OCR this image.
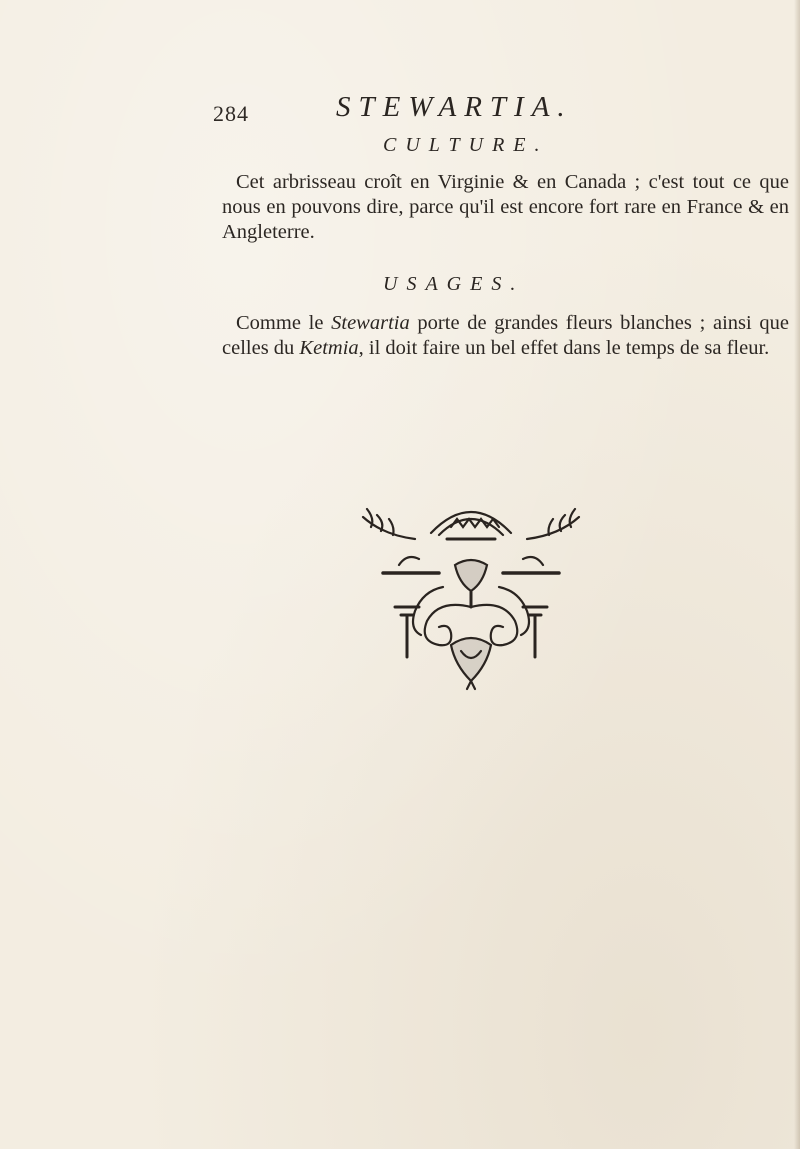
284	STEWARTIA.
CULTURE.
Cet arbrisseau croît en Virginie & en Canada ; c'est tout ce que nous en pouvons dire, parce qu'il est encore fort rare en France & en Angleterre.
USAGES.
Comme le Stewartia porte de grandes fleurs blanches ; ainsi que celles du Ketmia, il doit faire un bel effet dans le temps de sa fleur.
